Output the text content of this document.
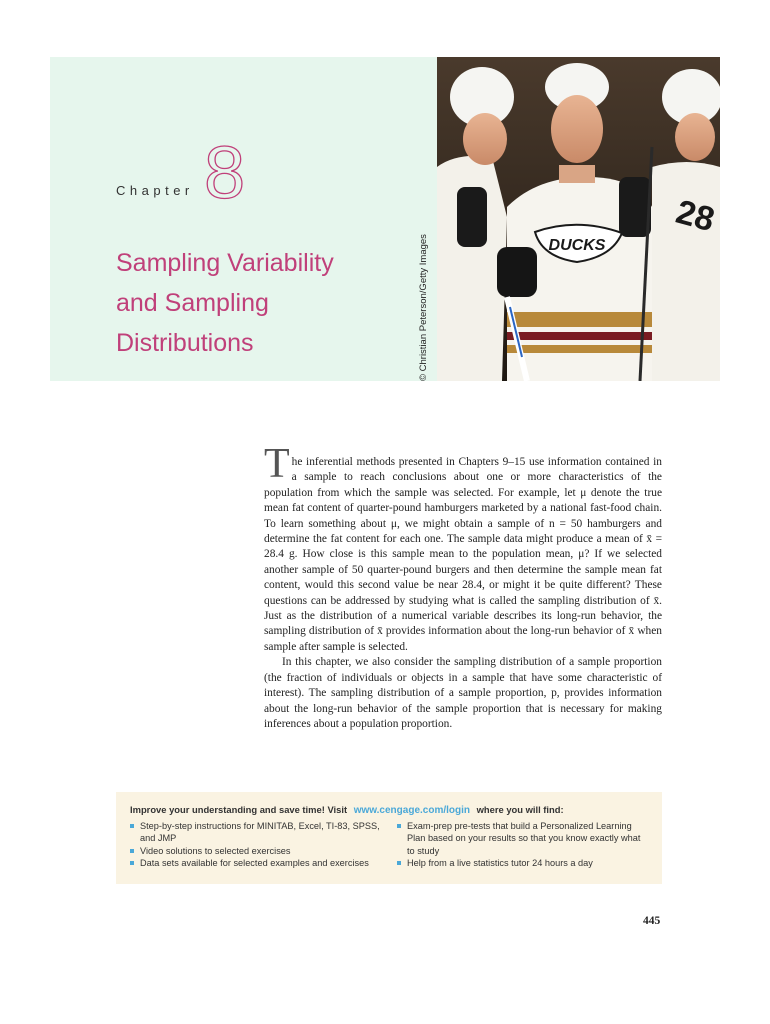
Chapter 8
Sampling Variability
and Sampling
Distributions	© Christian Peterson/Getty Images	DUCKS
28

The inferential methods presented in Chapters 9–15 use information contained in a sample to reach conclusions about one or more characteristics of the population from which the sample was selected. For example, let μ denote the true mean fat content of quarter-pound hamburgers marketed by a national fast-food chain. To learn something about μ, we might obtain a sample of n = 50 hamburgers and determine the fat content for each one. The sample data might produce a mean of x̄ = 28.4 g. How close is this sample mean to the population mean, μ? If we selected another sample of 50 quarter-pound burgers and then determine the sample mean fat content, would this second value be near 28.4, or might it be quite different? These questions can be addressed by studying what is called the sampling distribution of x̄. Just as the distribution of a numerical variable describes its long-run behavior, the sampling distribution of x̄ provides information about the long-run behavior of x̄ when sample after sample is selected.

In this chapter, we also consider the sampling distribution of a sample proportion (the fraction of individuals or objects in a sample that have some characteristic of interest). The sampling distribution of a sample proportion, p, provides information about the long-run behavior of the sample proportion that is necessary for making inferences about a population proportion.

Improve your understanding and save time! Visit www.cengage.com/login where you will find:
Step-by-step instructions for MINITAB, Excel, TI-83, SPSS, and JMP
Video solutions to selected exercises
Data sets available for selected examples and exercises
Exam-prep pre-tests that build a Personalized Learning Plan based on your results so that you know exactly what to study
Help from a live statistics tutor 24 hours a day
445
